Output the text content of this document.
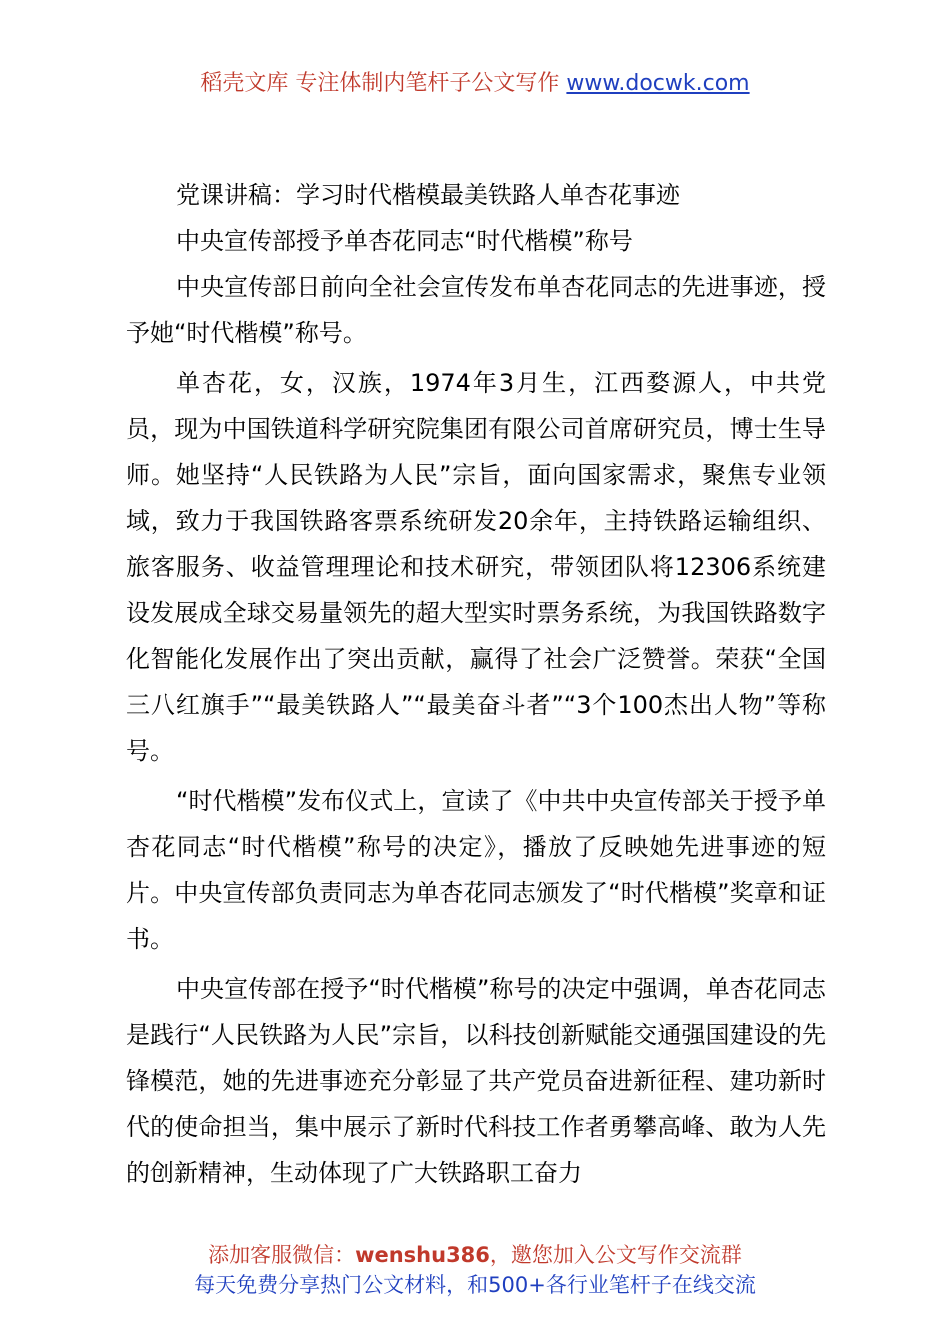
稻壳文库 专注体制内笔杆子公文写作 www.docwk.com

党课讲稿：学习时代楷模最美铁路人单杏花事迹

中央宣传部授予单杏花同志“时代楷模”称号

中央宣传部日前向全社会宣传发布单杏花同志的先进事迹，授予她“时代楷模”称号。

单杏花，女，汉族，1974年3月生，江西婺源人，中共党员，现为中国铁道科学研究院集团有限公司首席研究员，博士生导师。她坚持“人民铁路为人民”宗旨，面向国家需求，聚焦专业领域，致力于我国铁路客票系统研发20余年，主持铁路运输组织、旅客服务、收益管理理论和技术研究，带领团队将12306系统建设发展成全球交易量领先的超大型实时票务系统，为我国铁路数字化智能化发展作出了突出贡献，赢得了社会广泛赞誉。荣获“全国三八红旗手”“最美铁路人”“最美奋斗者”“3个100杰出人物”等称号。

“时代楷模”发布仪式上，宣读了《中共中央宣传部关于授予单杏花同志“时代楷模”称号的决定》，播放了反映她先进事迹的短片。中央宣传部负责同志为单杏花同志颁发了“时代楷模”奖章和证书。

中央宣传部在授予“时代楷模”称号的决定中强调，单杏花同志是践行“人民铁路为人民”宗旨，以科技创新赋能交通强国建设的先锋模范，她的先进事迹充分彰显了共产党员奋进新征程、建功新时代的使命担当，集中展示了新时代科技工作者勇攀高峰、敢为人先的创新精神，生动体现了广大铁路职工奋力

添加客服微信：wenshu386，邀您加入公文写作交流群
每天免费分享热门公文材料，和500+各行业笔杆子在线交流
